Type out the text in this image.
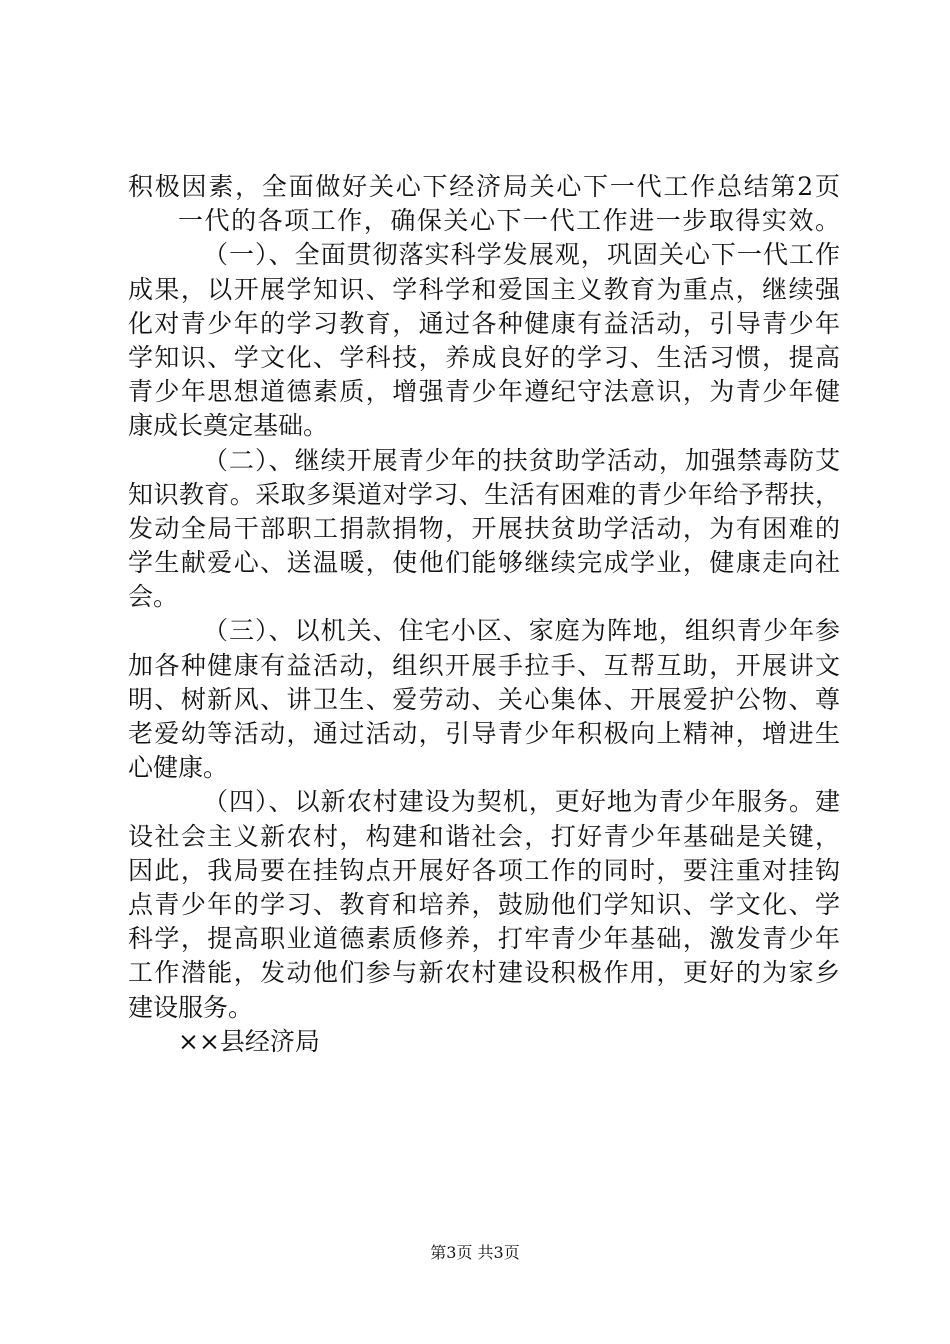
积极因素，全面做好关心下经济局关心下一代工作总结第2页
一代的各项工作，确保关心下一代工作进一步取得实效。
（一）、全面贯彻落实科学发展观，巩固关心下一代工作
成果，以开展学知识、学科学和爱国主义教育为重点，继续强
化对青少年的学习教育，通过各种健康有益活动，引导青少年
学知识、学文化、学科技，养成良好的学习、生活习惯，提高
青少年思想道德素质，增强青少年遵纪守法意识，为青少年健
康成长奠定基础。
（二）、继续开展青少年的扶贫助学活动，加强禁毒防艾
知识教育。采取多渠道对学习、生活有困难的青少年给予帮扶，
发动全局干部职工捐款捐物，开展扶贫助学活动，为有困难的
学生献爱心、送温暖，使他们能够继续完成学业，健康走向社
会。
（三）、以机关、住宅小区、家庭为阵地，组织青少年参
加各种健康有益活动，组织开展手拉手、互帮互助，开展讲文
明、树新风、讲卫生、爱劳动、关心集体、开展爱护公物、尊
老爱幼等活动，通过活动，引导青少年积极向上精神，增进生
心健康。
（四）、以新农村建设为契机，更好地为青少年服务。建
设社会主义新农村，构建和谐社会，打好青少年基础是关键，
因此，我局要在挂钩点开展好各项工作的同时，要注重对挂钩
点青少年的学习、教育和培养，鼓励他们学知识、学文化、学
科学，提高职业道德素质修养，打牢青少年基础，激发青少年
工作潜能，发动他们参与新农村建设积极作用，更好的为家乡
建设服务。
××县经济局
第3页 共3页
